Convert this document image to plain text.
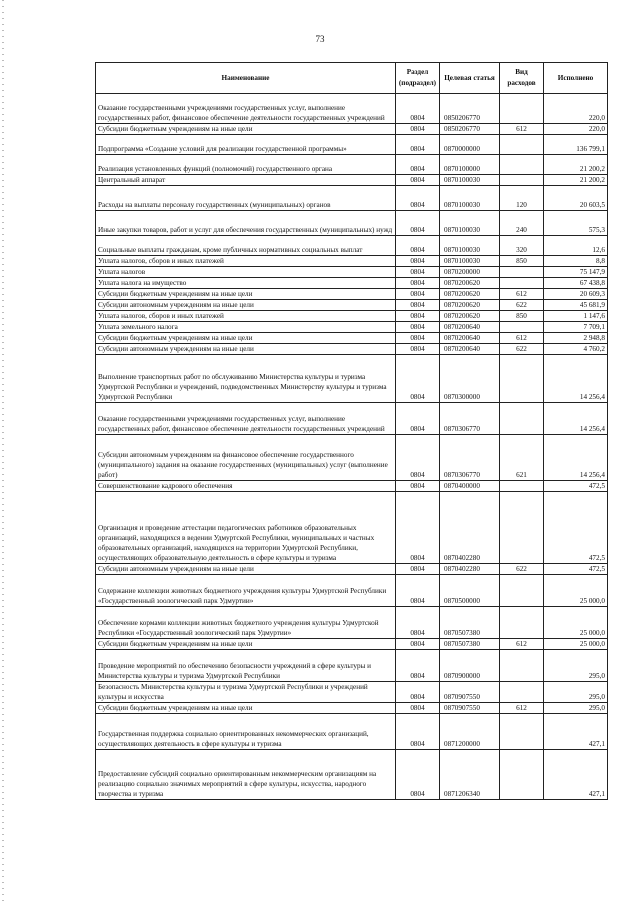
73
Наименование	Раздел (подраздел)	Целевая статья	Вид расходов	Исполнено
Оказание государственными учреждениями государственных услуг, выполнение государственных работ, финансовое обеспечение деятельности государственных учреждений	0804	0850206770		220,0
Субсидии бюджетным учреждениям на иные цели	0804	0850206770	612	220,0
Подпрограмма «Создание условий для реализации государственной программы»	0804	0870000000		136 799,1
Реализация установленных функций (полномочий) государственного органа	0804	0870100000		21 200,2
Центральный аппарат	0804	0870100030		21 200,2
Расходы на выплаты персоналу государственных (муниципальных) органов	0804	0870100030	120	20 603,5
Иные закупки товаров, работ и услуг для обеспечения государственных (муниципальных) нужд	0804	0870100030	240	575,3
Социальные выплаты гражданам, кроме публичных нормативных социальных выплат	0804	0870100030	320	12,6
Уплата налогов, сборов и иных платежей	0804	0870100030	850	8,8
Уплата налогов	0804	0870200000		75 147,9
Уплата налога на имущество	0804	0870200620		67 438,8
Субсидии бюджетным учреждениям на иные цели	0804	0870200620	612	20 609,3
Субсидии автономным учреждениям на иные цели	0804	0870200620	622	45 681,9
Уплата налогов, сборов и иных платежей	0804	0870200620	850	1 147,6
Уплата земельного налога	0804	0870200640		7 709,1
Субсидии бюджетным учреждениям на иные цели	0804	0870200640	612	2 948,8
Субсидии автономным учреждениям на иные цели	0804	0870200640	622	4 760,2
Выполнение транспортных работ по обслуживанию Министерства культуры и туризма Удмуртской Республики и учреждений, подведомственных Министерству культуры и туризма Удмуртской Республики	0804	0870300000		14 256,4
Оказание государственными учреждениями государственных услуг, выполнение государственных работ, финансовое обеспечение деятельности государственных учреждений	0804	0870306770		14 256,4
Субсидии автономным учреждениям на финансовое обеспечение государственного (муниципального) задания на оказание государственных (муниципальных) услуг (выполнение работ)	0804	0870306770	621	14 256,4
Совершенствование кадрового обеспечения	0804	0870400000		472,5
Организация и проведение аттестации педагогических работников образовательных организаций, находящихся в ведении Удмуртской Республики, муниципальных и частных образовательных организаций, находящихся на территории Удмуртской Республики, осуществляющих образовательную деятельность в сфере культуры и туризма	0804	0870402280		472,5
Субсидии автономным учреждениям на иные цели	0804	0870402280	622	472,5
Содержание коллекции животных бюджетного учреждения культуры Удмуртской Республики «Государственный зоологический парк Удмуртии»	0804	0870500000		25 000,0
Обеспечение кормами коллекции животных бюджетного учреждения культуры Удмуртской Республики «Государственный зоологический парк Удмуртии»	0804	0870507380		25 000,0
Субсидии бюджетным учреждениям на иные цели	0804	0870507380	612	25 000,0
Проведение мероприятий по обеспечению безопасности учреждений в сфере культуры и Министерства культуры и туризма Удмуртской Республики	0804	0870900000		295,0
Безопасность Министерства культуры и туризма Удмуртской Республики и учреждений культуры и искусства	0804	0870907550		295,0
Субсидии бюджетным учреждениям на иные цели	0804	0870907550	612	295,0
Государственная поддержка социально ориентированных некоммерческих организаций, осуществляющих деятельность в сфере культуры и туризма	0804	0871200000		427,1
Предоставление субсидий социально ориентированным некоммерческим организациям на реализацию социально значимых мероприятий в сфере культуры, искусства, народного творчества и туризма	0804	0871206340		427,1
